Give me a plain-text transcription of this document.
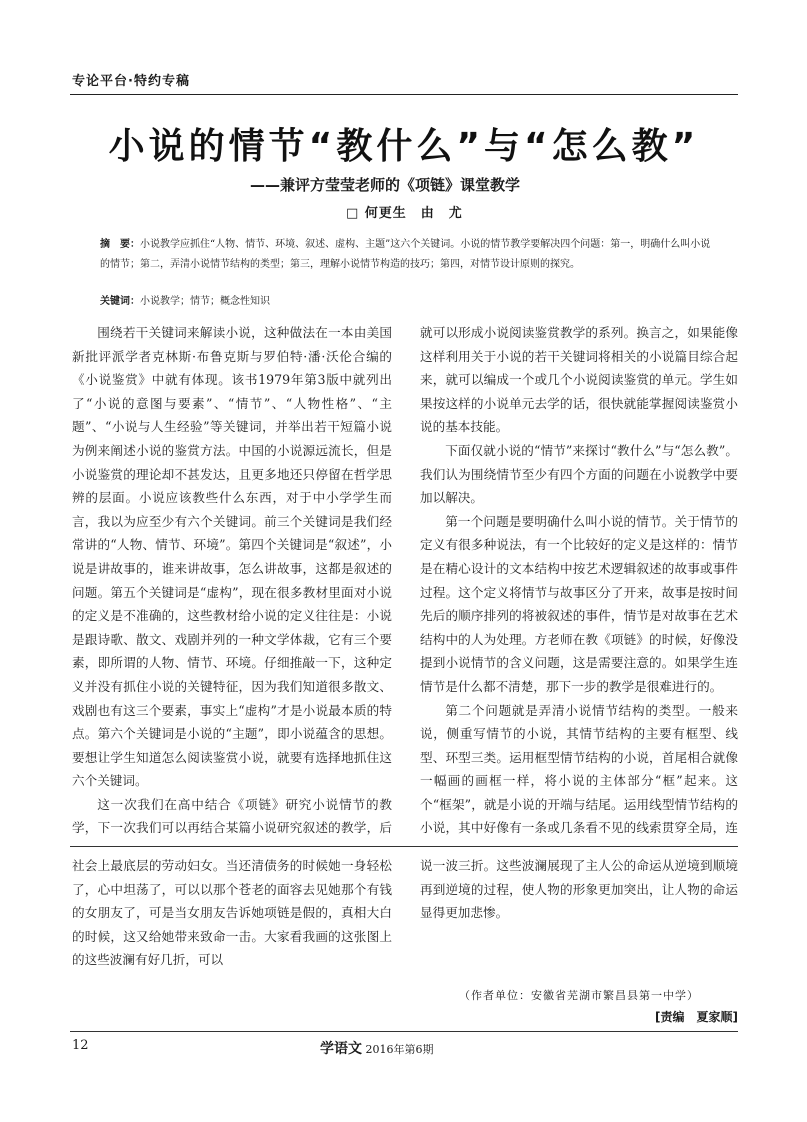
专论平台·特约专稿
小说的情节“教什么”与“怎么教”
——兼评方莹莹老师的《项链》课堂教学
□ 何更生　由　尤
摘　要：小说教学应抓住“人物、情节、环境、叙述、虚构、主题”这六个关键词。小说的情节教学要解决四个问题：第一，明确什么叫小说的情节；第二，弄清小说情节结构的类型；第三，理解小说情节构造的技巧；第四，对情节设计原则的探究。
关键词：小说教学；情节；概念性知识

围绕若干关键词来解读小说，这种做法在一本由美国新批评派学者克林斯·布鲁克斯与罗伯特·潘·沃伦合编的《小说鉴赏》中就有体现。该书1979年第3版中就列出了“小说的意图与要素”、“情节”、“人物性格”、“主题”、“小说与人生经验”等关键词，并举出若干短篇小说为例来阐述小说的鉴赏方法。中国的小说源远流长，但是小说鉴赏的理论却不甚发达，且更多地还只停留在哲学思辨的层面。小说应该教些什么东西，对于中小学学生而言，我以为应至少有六个关键词。前三个关键词是我们经常讲的“人物、情节、环境”。第四个关键词是“叙述”，小说是讲故事的，谁来讲故事，怎么讲故事，这都是叙述的问题。第五个关键词是“虚构”，现在很多教材里面对小说的定义是不准确的，这些教材给小说的定义往往是：小说是跟诗歌、散文、戏剧并列的一种文学体裁，它有三个要素，即所谓的人物、情节、环境。仔细推敲一下，这种定义并没有抓住小说的关键特征，因为我们知道很多散文、戏剧也有这三个要素，事实上“虚构”才是小说最本质的特点。第六个关键词是小说的“主题”，即小说蕴含的思想。要想让学生知道怎么阅读鉴赏小说，就要有选择地抓住这六个关键词。

这一次我们在高中结合《项链》研究小说情节的教学，下一次我们可以再结合某篇小说研究叙述的教学，后

就可以形成小说阅读鉴赏教学的系列。换言之，如果能像这样利用关于小说的若干关键词将相关的小说篇目综合起来，就可以编成一个或几个小说阅读鉴赏的单元。学生如果按这样的小说单元去学的话，很快就能掌握阅读鉴赏小说的基本技能。

下面仅就小说的“情节”来探讨“教什么”与“怎么教”。我们认为围绕情节至少有四个方面的问题在小说教学中要加以解决。

第一个问题是要明确什么叫小说的情节。关于情节的定义有很多种说法，有一个比较好的定义是这样的：情节是在精心设计的文本结构中按艺术逻辑叙述的故事或事件过程。这个定义将情节与故事区分了开来，故事是按时间先后的顺序排列的将被叙述的事件，情节是对故事在艺术结构中的人为处理。方老师在教《项链》的时候，好像没提到小说情节的含义问题，这是需要注意的。如果学生连情节是什么都不清楚，那下一步的教学是很难进行的。

第二个问题就是弄清小说情节结构的类型。一般来说，侧重写情节的小说，其情节结构的主要有框型、线型、环型三类。运用框型情节结构的小说，首尾相合就像一幅画的画框一样，将小说的主体部分“框”起来。这个“框架”，就是小说的开端与结尾。运用线型情节结构的小说，其中好像有一条或几条看不见的线索贯穿全局，连

社会上最底层的劳动妇女。当还清债务的时候她一身轻松了，心中坦荡了，可以以那个苍老的面容去见她那个有钱的女朋友了，可是当女朋友告诉她项链是假的，真相大白的时候，这又给她带来致命一击。大家看我画的这张图上的这些波澜有好几折，可以

说一波三折。这些波澜展现了主人公的命运从逆境到顺境再到逆境的过程，使人物的形象更加突出，让人物的命运显得更加悲惨。

（作者单位：安徽省芜湖市繁昌县第一中学）
[责编　夏家顺]
12	学语文 2016年第6期
